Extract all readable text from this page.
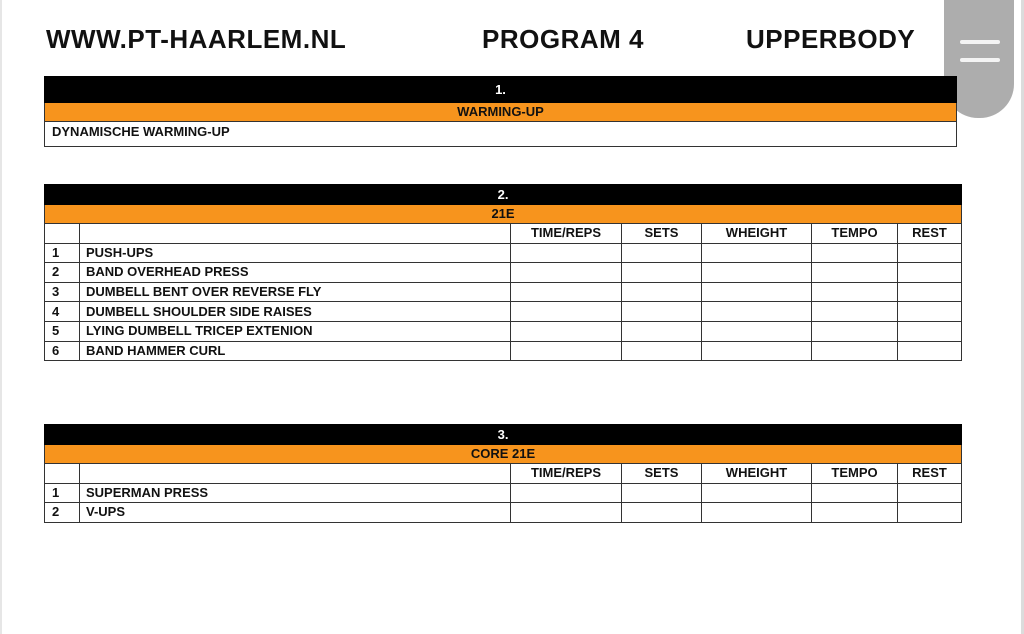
WWW.PT-HAARLEM.NL	PROGRAM 4	UPPERBODY
1.
WARMING-UP
DYNAMISCHE WARMING-UP
2.						
21E						
		TIME/REPS	SETS	WHEIGHT	TEMPO	REST
1	PUSH-UPS					
2	BAND OVERHEAD PRESS					
3	DUMBELL BENT OVER REVERSE FLY					
4	DUMBELL SHOULDER SIDE RAISES					
5	LYING DUMBELL TRICEP EXTENION					
6	BAND HAMMER CURL					
3.						
CORE 21E						
		TIME/REPS	SETS	WHEIGHT	TEMPO	REST
1	SUPERMAN PRESS					
2	V-UPS					
